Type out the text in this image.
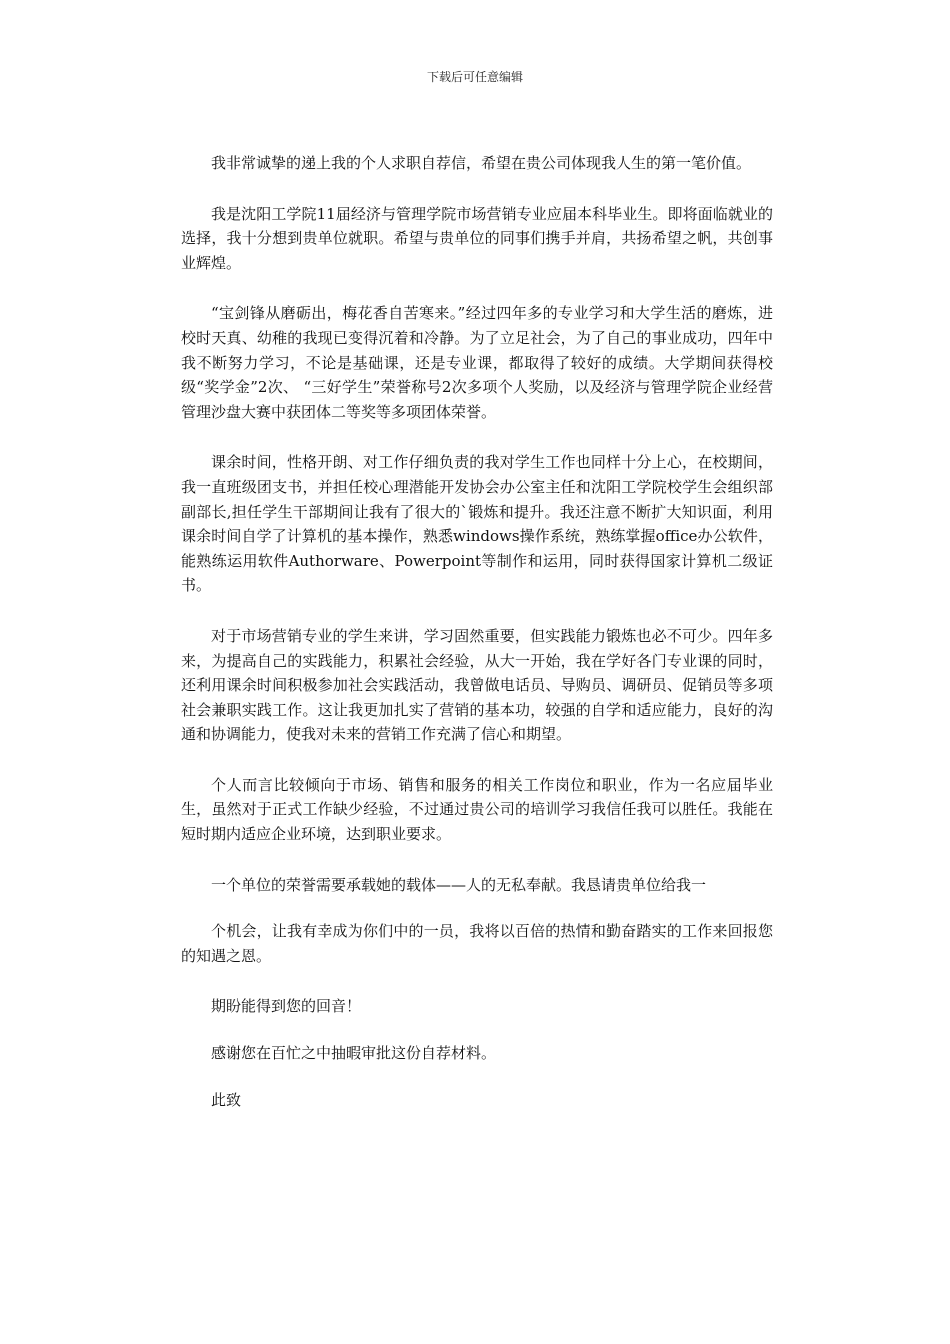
下载后可任意编辑

我非常诚挚的递上我的个人求职自荐信，希望在贵公司体现我人生的第一笔价值。

我是沈阳工学院11届经济与管理学院市场营销专业应届本科毕业生。即将面临就业的选择，我十分想到贵单位就职。希望与贵单位的同事们携手并肩，共扬希望之帆，共创事业辉煌。

“宝剑锋从磨砺出，梅花香自苦寒来。”经过四年多的专业学习和大学生活的磨炼，进校时天真、幼稚的我现已变得沉着和冷静。为了立足社会，为了自己的事业成功，四年中我不断努力学习，不论是基础课，还是专业课，都取得了较好的成绩。大学期间获得校级“奖学金”2次、 “三好学生”荣誉称号2次多项个人奖励，以及经济与管理学院企业经营管理沙盘大赛中获团体二等奖等多项团体荣誉。

课余时间，性格开朗、对工作仔细负责的我对学生工作也同样十分上心，在校期间，我一直班级团支书，并担任校心理潜能开发协会办公室主任和沈阳工学院校学生会组织部副部长,担任学生干部期间让我有了很大的`锻炼和提升。我还注意不断扩大知识面，利用课余时间自学了计算机的基本操作，熟悉windows操作系统，熟练掌握office办公软件，能熟练运用软件Authorware、Powerpoint等制作和运用，同时获得国家计算机二级证书。

对于市场营销专业的学生来讲，学习固然重要，但实践能力锻炼也必不可少。四年多来，为提高自己的实践能力，积累社会经验，从大一开始，我在学好各门专业课的同时，还利用课余时间积极参加社会实践活动，我曾做电话员、导购员、调研员、促销员等多项社会兼职实践工作。这让我更加扎实了营销的基本功，较强的自学和适应能力，良好的沟通和协调能力，使我对未来的营销工作充满了信心和期望。

个人而言比较倾向于市场、销售和服务的相关工作岗位和职业，作为一名应届毕业生，虽然对于正式工作缺少经验，不过通过贵公司的培训学习我信任我可以胜任。我能在短时期内适应企业环境，达到职业要求。

一个单位的荣誉需要承载她的载体——人的无私奉献。我恳请贵单位给我一

个机会，让我有幸成为你们中的一员，我将以百倍的热情和勤奋踏实的工作来回报您的知遇之恩。

期盼能得到您的回音！

感谢您在百忙之中抽暇审批这份自荐材料。

此致
